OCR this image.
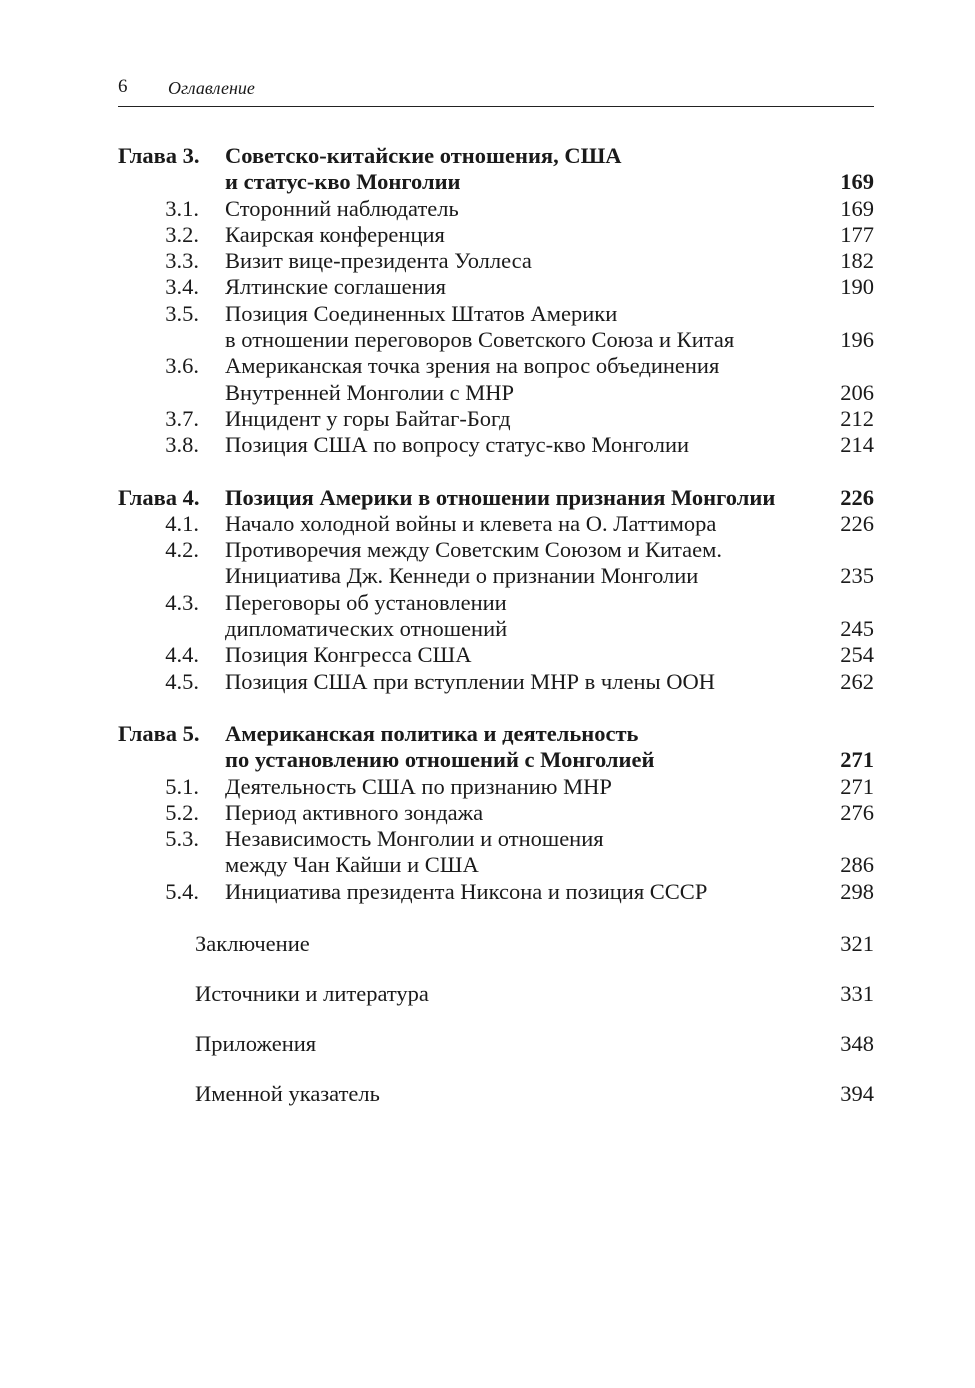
6 Оглавление
Глава 3. Советско-китайские отношения, США
и статус-кво Монголии	169
3.1. Сторонний наблюдатель	169
3.2. Каирская конференция	177
3.3. Визит вице-президента Уоллеса	182
3.4. Ялтинские соглашения	190
3.5. Позиция Соединенных Штатов Америки
в отношении переговоров Советского Союза и Китая	196
3.6. Американская точка зрения на вопрос объединения
Внутренней Монголии с МНР	206
3.7. Инцидент у горы Байтаг-Богд	212
3.8. Позиция США по вопросу статус-кво Монголии	214
Глава 4. Позиция Америки в отношении признания Монголии	226
4.1. Начало холодной войны и клевета на О. Латтимора	226
4.2. Противоречия между Советским Союзом и Китаем.
Инициатива Дж. Кеннеди о признании Монголии	235
4.3. Переговоры об установлении
дипломатических отношений	245
4.4. Позиция Конгресса США	254
4.5. Позиция США при вступлении МНР в члены ООН	262
Глава 5. Американская политика и деятельность
по установлению отношений с Монголией	271
5.1. Деятельность США по признанию МНР	271
5.2. Период активного зондажа	276
5.3. Независимость Монголии и отношения
между Чан Кайши и США	286
5.4. Инициатива президента Никсона и позиция СССР	298
Заключение	321
Источники и литература	331
Приложения	348
Именной указатель	394
